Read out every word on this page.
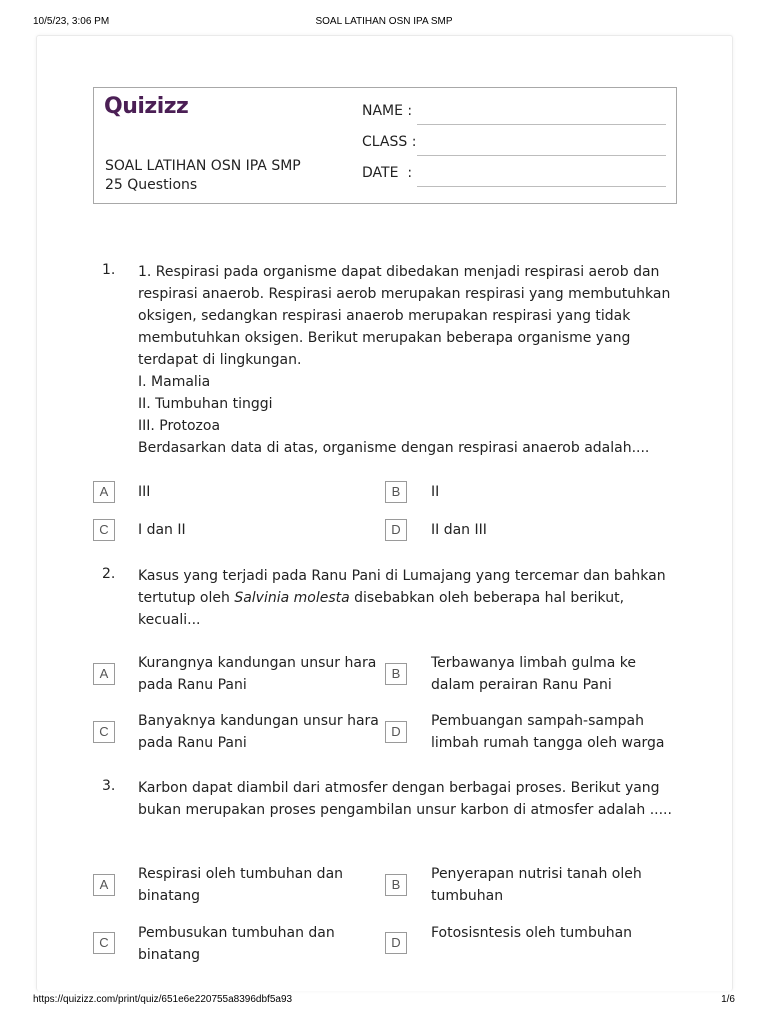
10/5/23, 3:06 PM	SOAL LATIHAN OSN IPA SMP
Quizizz
SOAL LATIHAN OSN IPA SMP
25 Questions
NAME :
CLASS :
DATE  :
1. 1. Respirasi pada organisme dapat dibedakan menjadi respirasi aerob dan respirasi anaerob. Respirasi aerob merupakan respirasi yang membutuhkan oksigen, sedangkan respirasi anaerob merupakan respirasi yang tidak membutuhkan oksigen. Berikut merupakan beberapa organisme yang terdapat di lingkungan.

I. Mamalia

II. Tumbuhan tinggi

III. Protozoa

Berdasarkan data di atas, organisme dengan respirasi anaerob adalah....

A	III	B	II
C	I dan II	D	II dan III
2. Kasus yang terjadi pada Ranu Pani di Lumajang yang tercemar dan bahkan tertutup oleh Salvinia molesta disebabkan oleh beberapa hal berikut, kecuali...
A
Kurangnya kandungan unsur hara pada Ranu Pani
B
Terbawanya limbah gulma ke dalam perairan Ranu Pani
C
Banyaknya kandungan unsur hara pada Ranu Pani
D
Pembuangan sampah-sampah limbah rumah tangga oleh warga
3. Karbon dapat diambil dari atmosfer dengan berbagai proses. Berikut yang bukan merupakan proses pengambilan unsur karbon di atmosfer adalah .....
A
Respirasi oleh tumbuhan dan binatang
B
Penyerapan nutrisi tanah oleh tumbuhan
C
Pembusukan tumbuhan dan binatang
D
Fotosisntesis oleh tumbuhan
https://quizizz.com/print/quiz/651e6e220755a8396dbf5a93	1/6
